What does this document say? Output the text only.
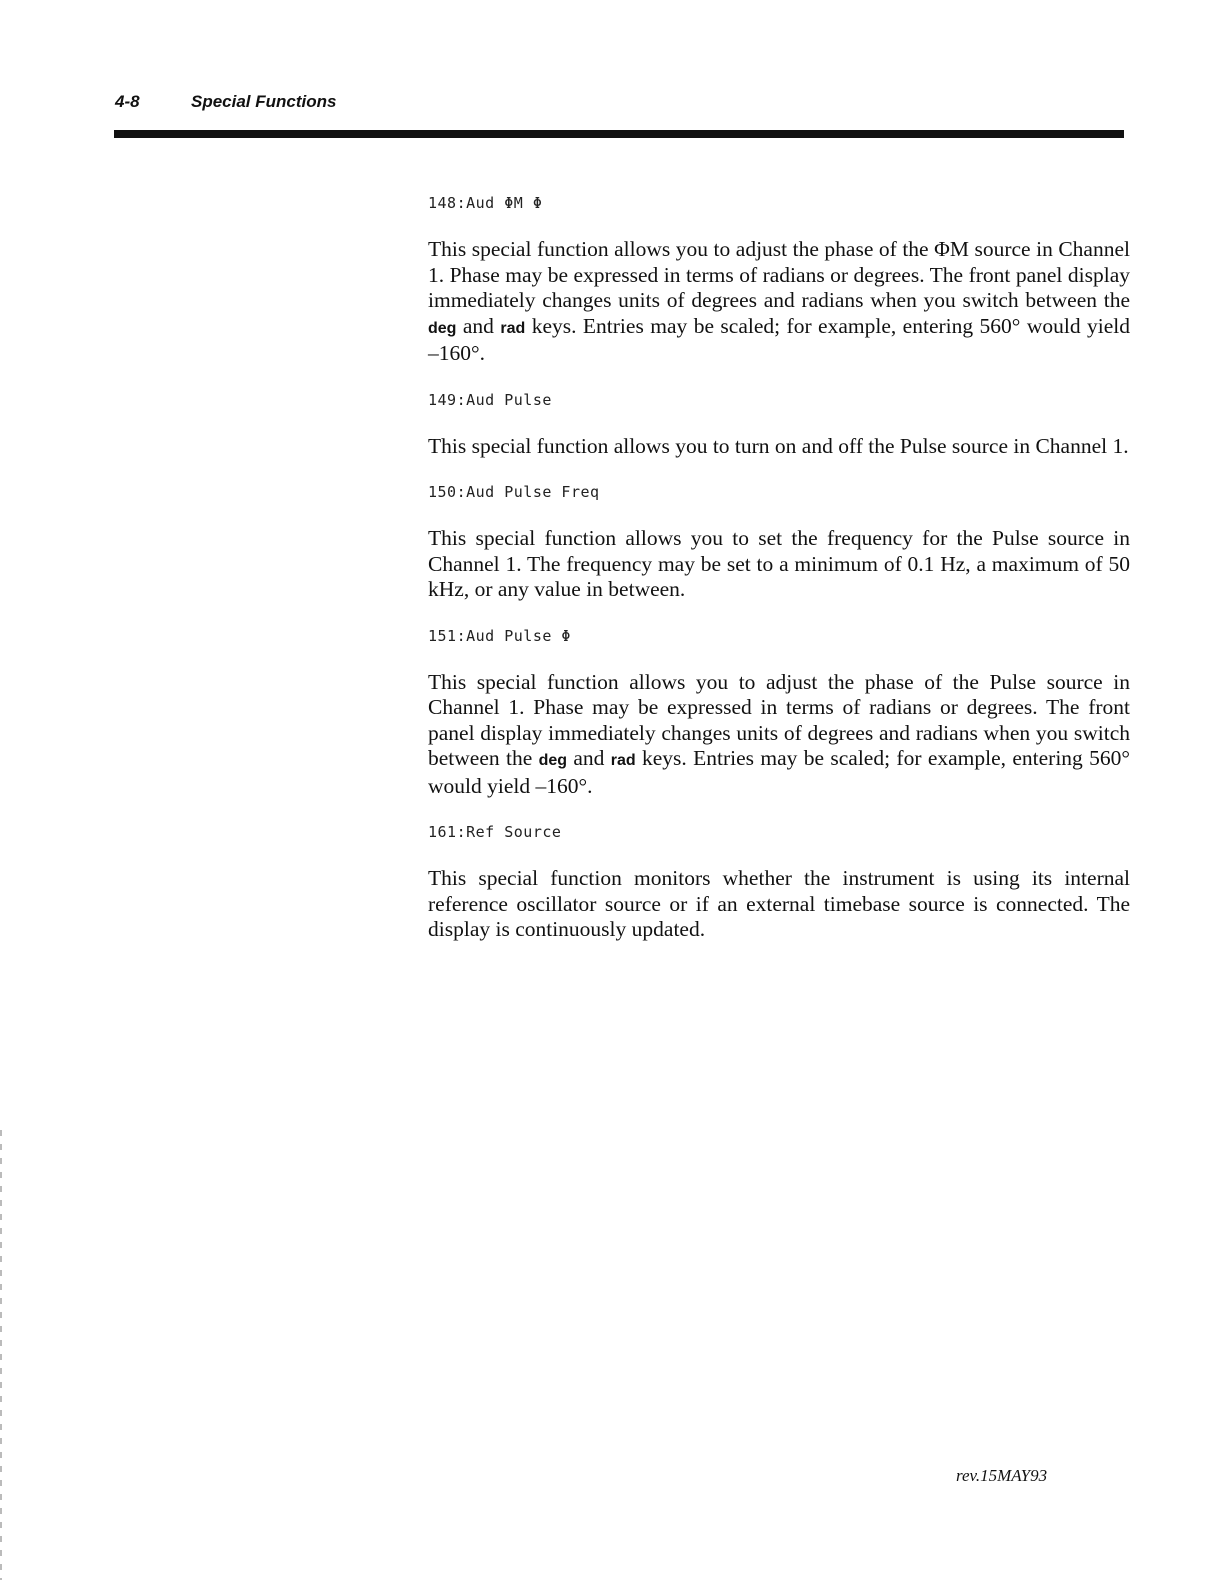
4-8	Special Functions

148:Aud ΦM Φ

This special function allows you to adjust the phase of the ΦM source in Channel 1. Phase may be expressed in terms of radians or degrees. The front panel display immediately changes units of degrees and radians when you switch between the deg and rad keys. Entries may be scaled; for example, entering 560° would yield –160°.

149:Aud Pulse

This special function allows you to turn on and off the Pulse source in Channel 1.

150:Aud Pulse Freq

This special function allows you to set the frequency for the Pulse source in Channel 1. The frequency may be set to a minimum of 0.1 Hz, a maximum of 50 kHz, or any value in between.

151:Aud Pulse Φ

This special function allows you to adjust the phase of the Pulse source in Channel 1. Phase may be expressed in terms of radians or degrees. The front panel display immediately changes units of degrees and radians when you switch between the deg and rad keys. Entries may be scaled; for example, entering 560° would yield –160°.

161:Ref Source

This special function monitors whether the instrument is using its internal reference oscillator source or if an external timebase source is connected. The display is continuously updated.

rev.15MAY93
